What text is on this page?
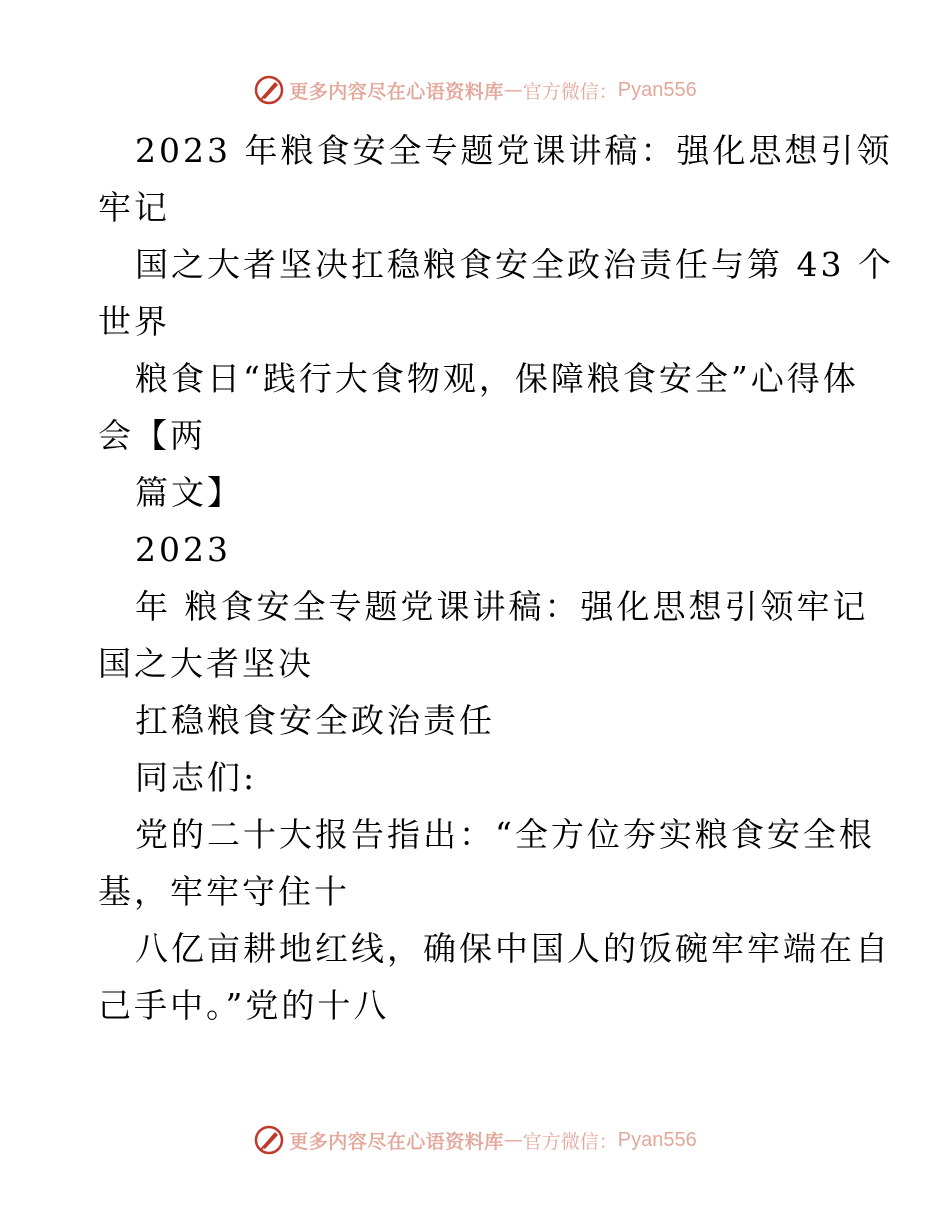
更多内容尽在心语资料库 — 官方微信： Pyan556
2023 年粮食安全专题党课讲稿：强化思想引领
牢记
国之大者坚决扛稳粮食安全政治责任与第 43 个
世界
粮食日“践行大食物观，保障粮食安全”心得体
会【两
篇文】
2023
年 粮食安全专题党课讲稿：强化思想引领牢记
国之大者坚决
扛稳粮食安全政治责任
同志们:
党的二十大报告指出：“全方位夯实粮食安全根
基，牢牢守住十
八亿亩耕地红线，确保中国人的饭碗牢牢端在自
己手中。”党的十八
更多内容尽在心语资料库 — 官方微信： Pyan556
